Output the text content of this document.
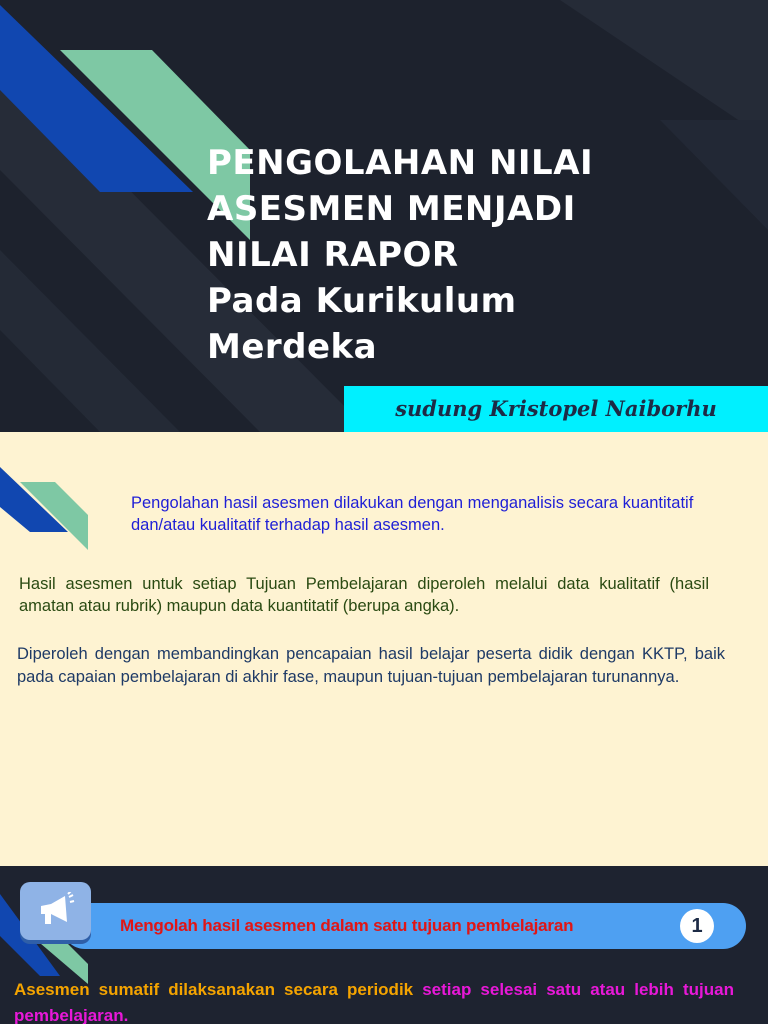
PENGOLAHAN NILAI
ASESMEN MENJADI
NILAI RAPOR
Pada Kurikulum
Merdeka
sudung Kristopel Naiborhu

Pengolahan hasil asesmen dilakukan dengan menganalisis secara kuantitatif dan/atau kualitatif terhadap hasil asesmen.

Hasil asesmen untuk setiap Tujuan Pembelajaran diperoleh melalui data kualitatif (hasil amatan atau rubrik) maupun data kuantitatif (berupa angka).

Diperoleh dengan membandingkan pencapaian hasil belajar peserta didik dengan KKTP, baik pada capaian pembelajaran di akhir fase, maupun tujuan-tujuan pembelajaran turunannya.

Mengolah hasil asesmen dalam satu tujuan pembelajaran	1

Asesmen sumatif dilaksanakan secara periodik setiap selesai satu atau lebih tujuan pembelajaran.
